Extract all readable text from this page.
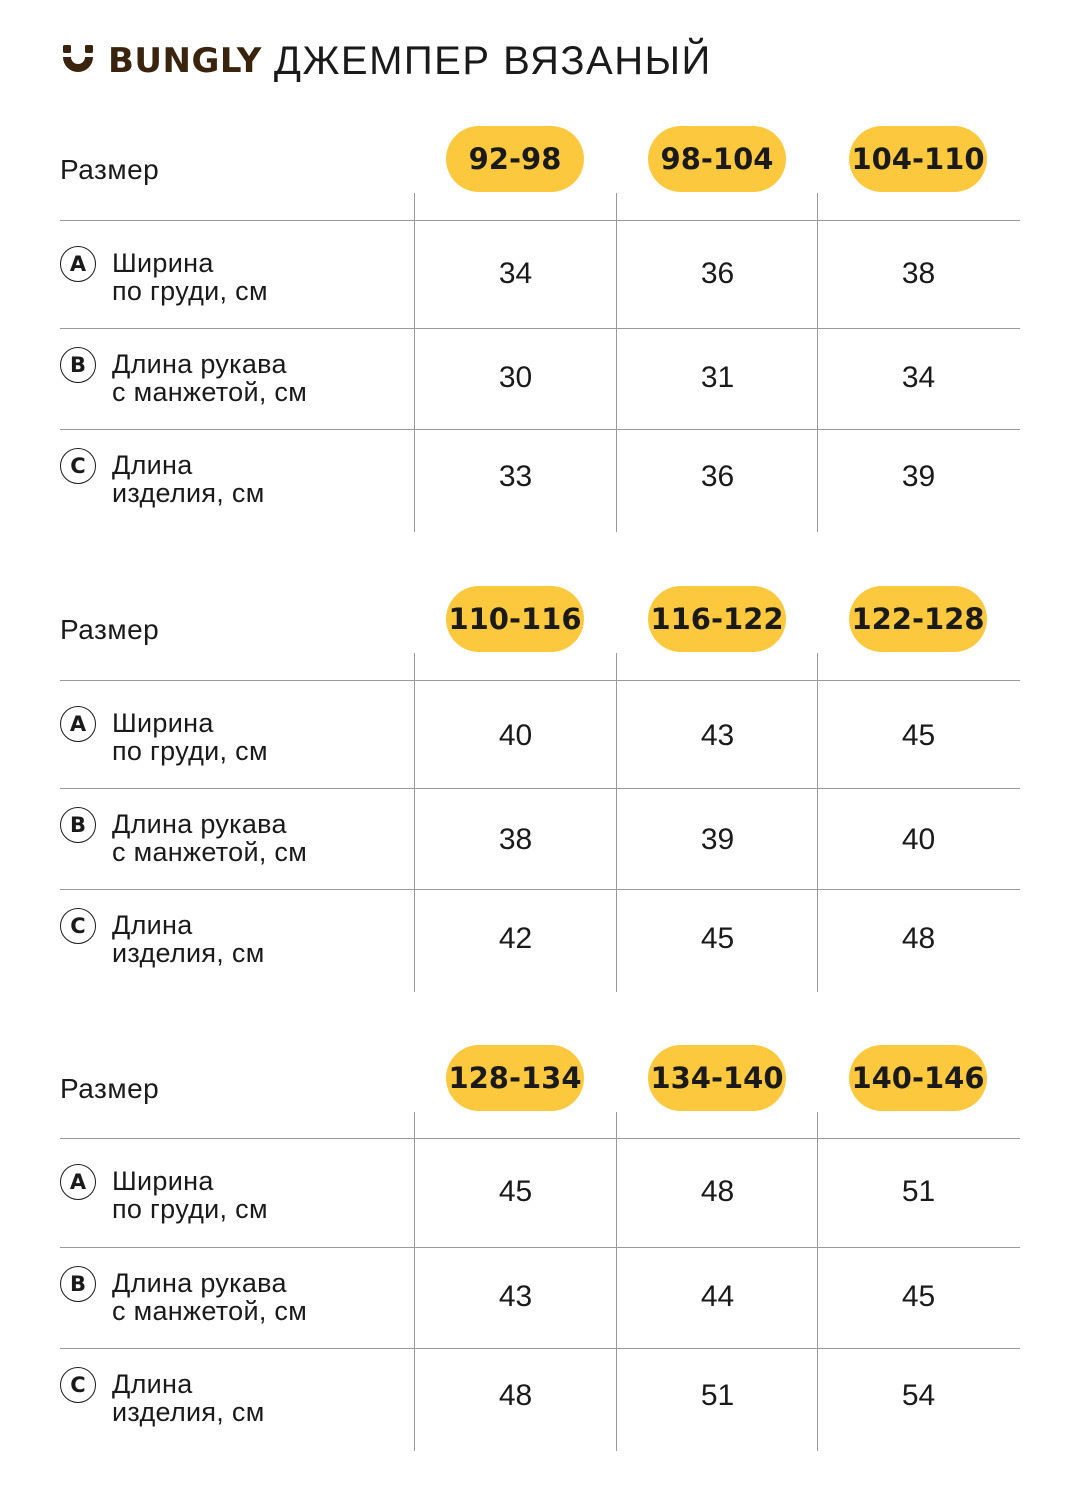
BUNGLY ДЖЕМПЕР ВЯЗАНЫЙ
Размер	92-98	98-104	104-110
A Ширина
по груди, см
34	36	38
B Длина рукава
с манжетой, см	30	31	34
C Длина
изделия, см	33	36	39
Размер	110-116 116-122 122-128
A Ширина
по груди, см	40	43	45
B Длина рукава
с манжетой, см	38	39	40
C Длина
изделия, см	42	45	48
Размер	128-134 134-140 140-146
A Ширина
по груди, см
45	48	51
B Длина рукава
с манжетой, см	43	44	45
C Длина
изделия, см	48	51	54
